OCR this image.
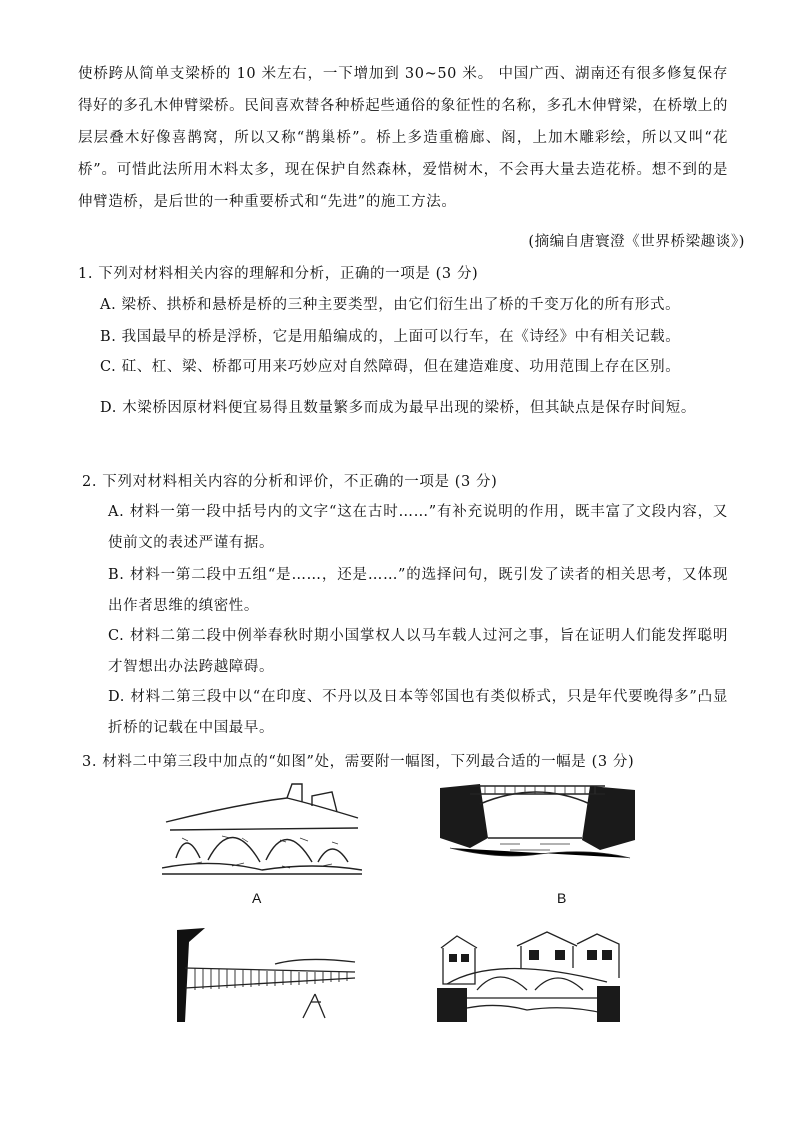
使桥跨从简单支梁桥的 10 米左右，一下增加到 30~50 米。 中国广西、湖南还有很多修复保存得好的多孔木伸臂梁桥。民间喜欢替各种桥起些通俗的象征性的名称，多孔木伸臂梁，在桥墩上的层层叠木好像喜鹊窝，所以又称“鹊巢桥”。桥上多造重檐廊、阁，上加木雕彩绘，所以又叫“花桥”。可惜此法所用木料太多，现在保护自然森林，爱惜树木，不会再大量去造花桥。想不到的是伸臂造桥，是后世的一种重要桥式和“先进”的施工方法。
(摘编自唐寰澄《世界桥梁趣谈》)
1. 下列对材料相关内容的理解和分析，正确的一项是 (3 分)
A. 梁桥、拱桥和悬桥是桥的三种主要类型，由它们衍生出了桥的千变万化的所有形式。
B. 我国最早的桥是浮桥，它是用船编成的，上面可以行车，在《诗经》中有相关记载。
C. 矼、杠、梁、桥都可用来巧妙应对自然障碍，但在建造难度、功用范围上存在区别。
D. 木梁桥因原材料便宜易得且数量繁多而成为最早出现的梁桥，但其缺点是保存时间短。
2. 下列对材料相关内容的分析和评价，不正确的一项是 (3 分)
A. 材料一第一段中括号内的文字“这在古时……”有补充说明的作用，既丰富了文段内容，又使前文的表述严谨有据。
B. 材料一第二段中五组“是……，还是……”的选择问句，既引发了读者的相关思考，又体现出作者思维的缜密性。
C. 材料二第二段中例举春秋时期小国掌权人以马车载人过河之事，旨在证明人们能发挥聪明才智想出办法跨越障碍。
D. 材料二第三段中以“在印度、不丹以及日本等邻国也有类似桥式，只是年代要晚得多”凸显折桥的记载在中国最早。
3. 材料二中第三段中加点的“如图”处，需要附一幅图，下列最合适的一幅是 (3 分)
A	B
